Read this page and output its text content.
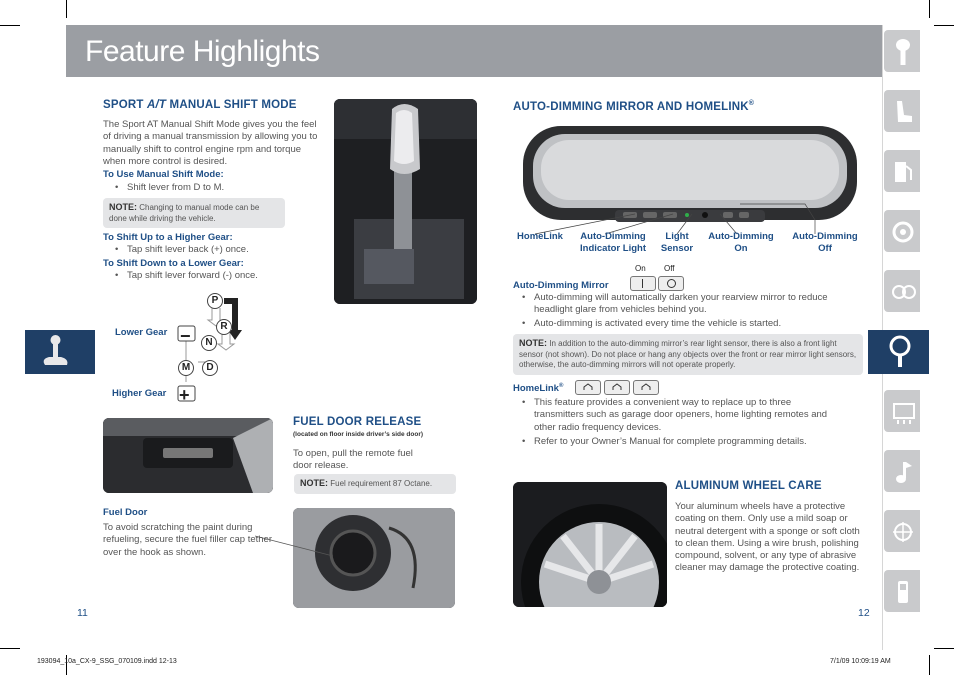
Feature Highlights
SPORT A/T MANUAL SHIFT MODE
The Sport AT Manual Shift Mode gives you the feel of driving a manual transmission by allowing you to manually shift to control engine rpm and torque when more control is desired.
To Use Manual Shift Mode:
• Shift lever from D to M.
NOTE: Changing to manual mode can be done while driving the vehicle.
To Shift Up to a Higher Gear:
• Tap shift lever back (+) once.
To Shift Down to a Lower Gear:
• Tap shift lever forward (-) once.
Lower Gear
Higher Gear
−
+
P
R
N
M	D
FUEL DOOR RELEASE
(located on floor inside driver’s side door)
To open, pull the remote fuel door release.
NOTE: Fuel requirement 87 Octane.
Fuel Door
To avoid scratching the paint during refueling, secure the fuel filler cap tether over the hook as shown.
11
AUTO-DIMMING MIRROR AND HOMELINK®
HomeLink	Auto-Dimming
Indicator Light
Light
Sensor
Auto-Dimming
On
Auto-Dimming
Off
On Off
Auto-Dimming Mirror
• Auto-dimming will automatically darken your rearview mirror to reduce headlight glare from vehicles behind you.
• Auto-dimming is activated every time the vehicle is started.
NOTE: In addition to the auto-dimming mirror’s rear light sensor, there is also a front light sensor (not shown). Do not place or hang any objects over the front or rear mirror light sensors, otherwise, the auto-dimming mirrors will not operate properly.
HomeLink®
• This feature provides a convenient way to replace up to three transmitters such as garage door openers, home lighting remotes and other radio frequency devices.
• Refer to your Owner’s Manual for complete programming details.
ALUMINUM WHEEL CARE
Your aluminum wheels have a protective coating on them. Only use a mild soap or neutral detergent with a sponge or soft cloth to clean them. Using a wire brush, polishing compound, solvent, or any type of abrasive cleaner may damage the protective coating.
12
193094_10a_CX-9_SSG_070109.indd 12-13	7/1/09 10:09:19 AM
